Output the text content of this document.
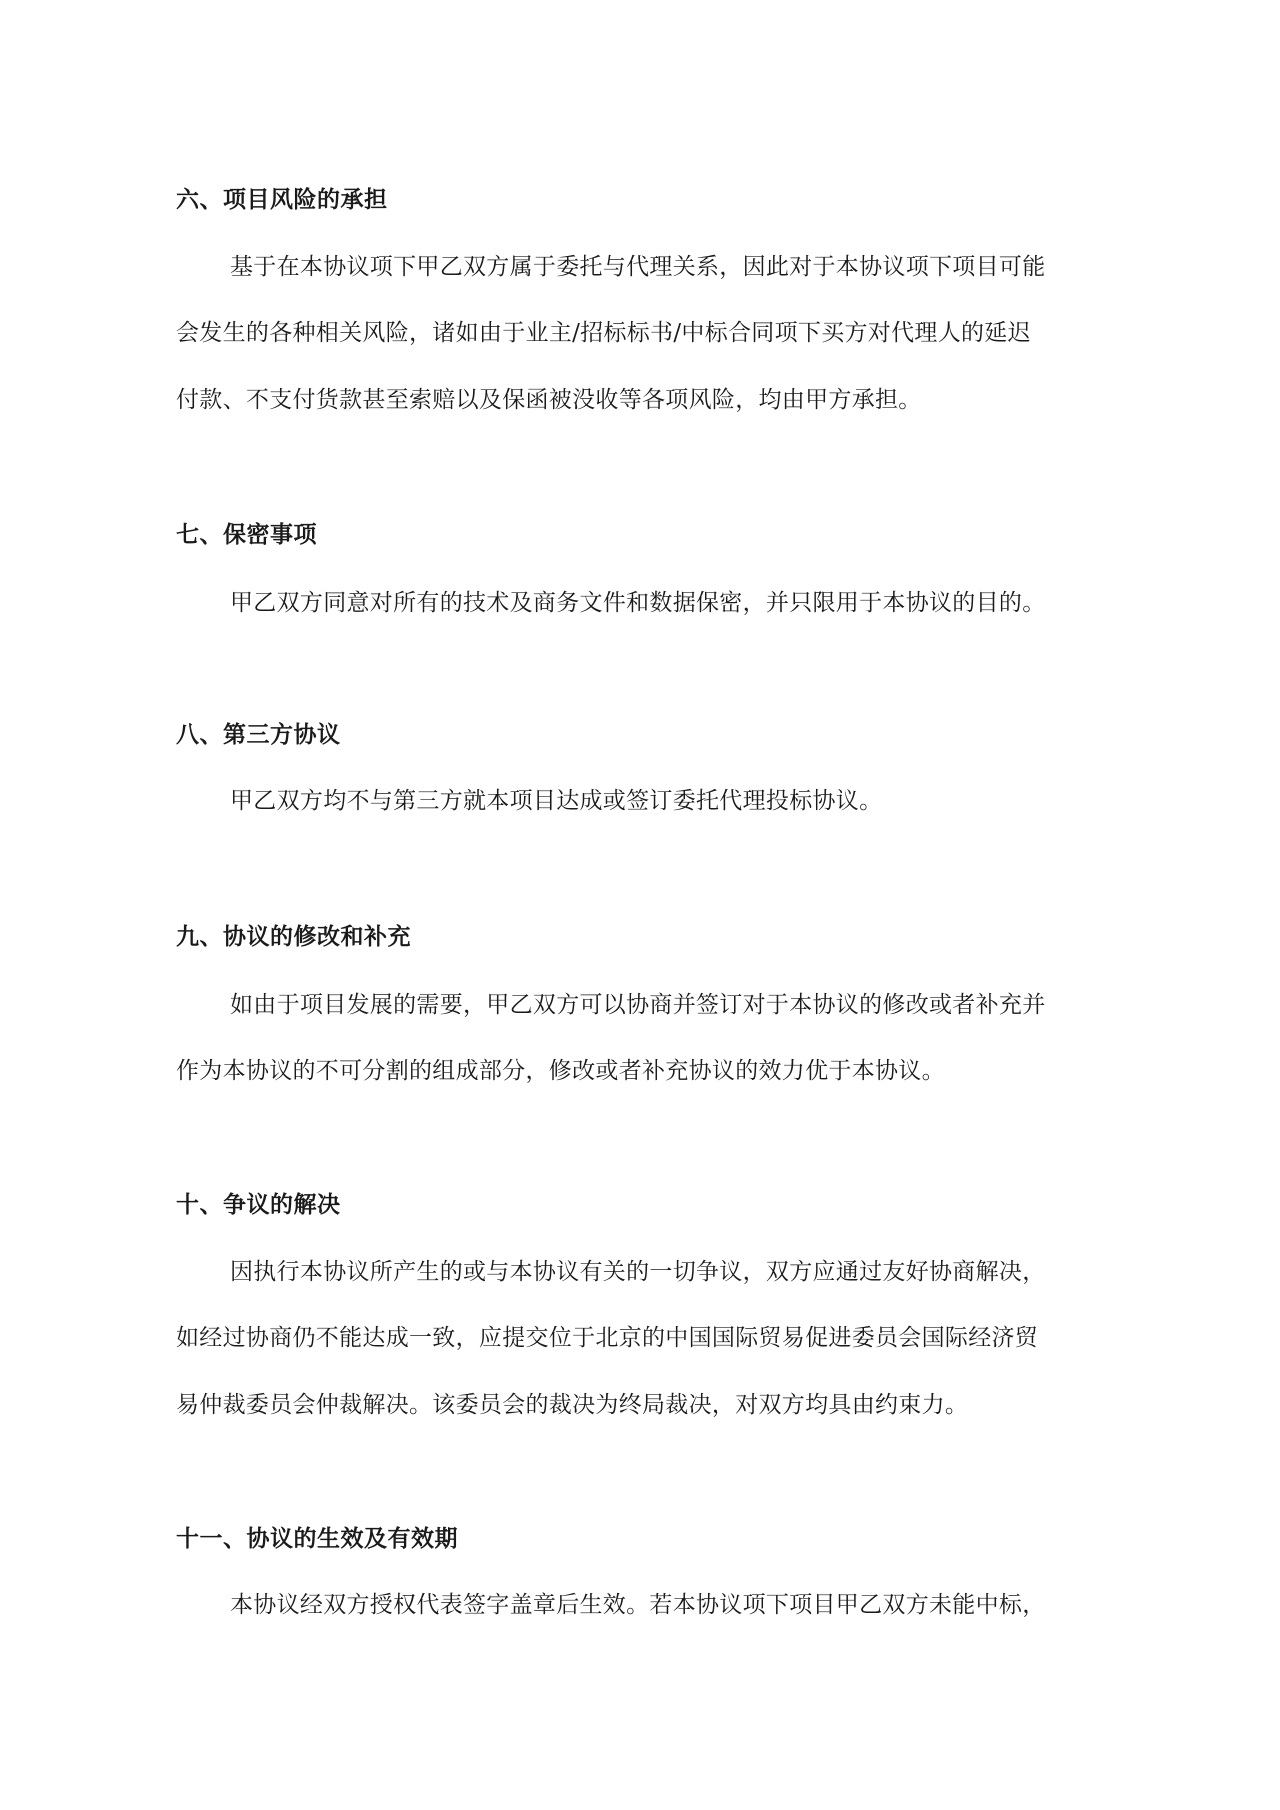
六、项目风险的承担
基于在本协议项下甲乙双方属于委托与代理关系，因此对于本协议项下项目可能
会发生的各种相关风险，诸如由于业主/招标标书/中标合同项下买方对代理人的延迟
付款、不支付货款甚至索赔以及保函被没收等各项风险，均由甲方承担。
七、保密事项
甲乙双方同意对所有的技术及商务文件和数据保密，并只限用于本协议的目的。
八、第三方协议
甲乙双方均不与第三方就本项目达成或签订委托代理投标协议。
九、协议的修改和补充
如由于项目发展的需要，甲乙双方可以协商并签订对于本协议的修改或者补充并
作为本协议的不可分割的组成部分，修改或者补充协议的效力优于本协议。
十、争议的解决
因执行本协议所产生的或与本协议有关的一切争议，双方应通过友好协商解决，
如经过协商仍不能达成一致，应提交位于北京的中国国际贸易促进委员会国际经济贸
易仲裁委员会仲裁解决。该委员会的裁决为终局裁决，对双方均具由约束力。
十一、协议的生效及有效期
本协议经双方授权代表签字盖章后生效。若本协议项下项目甲乙双方未能中标，
